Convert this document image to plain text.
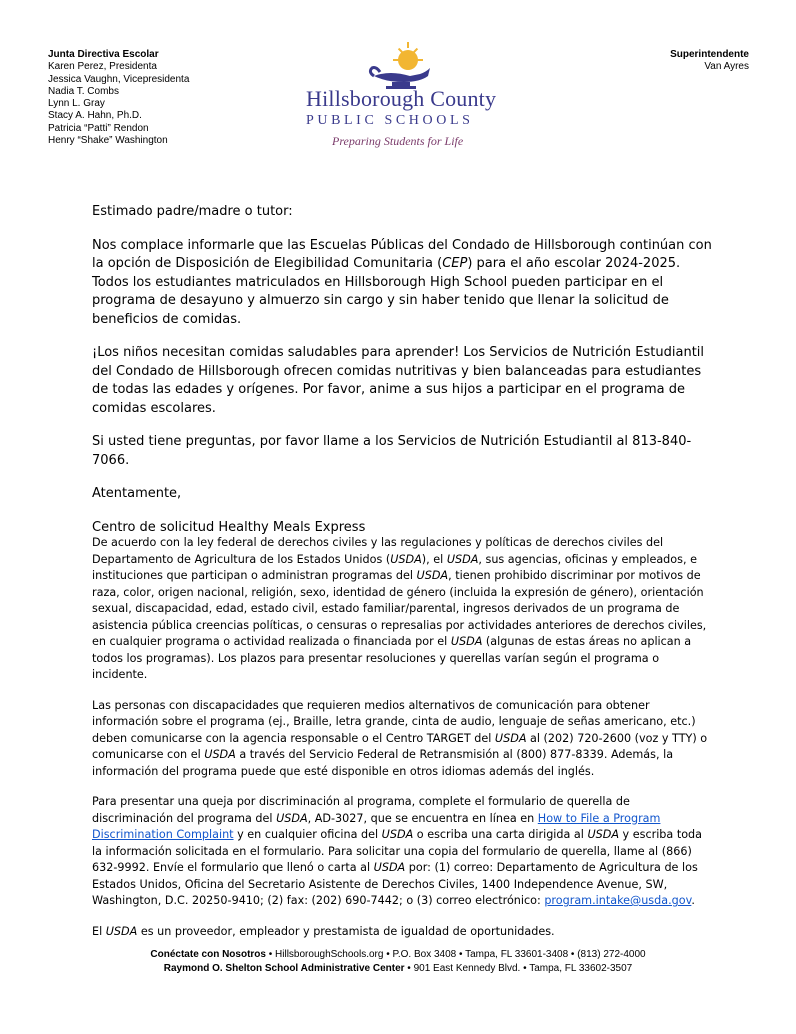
Junta Directiva Escolar
Karen Perez, Presidenta
Jessica Vaughn, Vicepresidenta
Nadia T. Combs
Lynn L. Gray
Stacy A. Hahn, Ph.D.
Patricia “Patti” Rendon
Henry “Shake” Washington
Hillsborough County
PUBLIC SCHOOLS
Preparing Students for Life
Superintendente
Van Ayres

Estimado padre/madre o tutor:

Nos complace informarle que las Escuelas Públicas del Condado de Hillsborough continúan con la opción de Disposición de Elegibilidad Comunitaria (CEP) para el año escolar 2024-2025. Todos los estudiantes matriculados en Hillsborough High School pueden participar en el programa de desayuno y almuerzo sin cargo y sin haber tenido que llenar la solicitud de beneficios de comidas.

¡Los niños necesitan comidas saludables para aprender! Los Servicios de Nutrición Estudiantil del Condado de Hillsborough ofrecen comidas nutritivas y bien balanceadas para estudiantes de todas las edades y orígenes. Por favor, anime a sus hijos a participar en el programa de comidas escolares.

Si usted tiene preguntas, por favor llame a los Servicios de Nutrición Estudiantil al 813-840-7066.

Atentamente,

Centro de solicitud Healthy Meals Express

De acuerdo con la ley federal de derechos civiles y las regulaciones y políticas de derechos civiles del Departamento de Agricultura de los Estados Unidos (USDA), el USDA, sus agencias, oficinas y empleados, e instituciones que participan o administran programas del USDA, tienen prohibido discriminar por motivos de raza, color, origen nacional, religión, sexo, identidad de género (incluida la expresión de género), orientación sexual, discapacidad, edad, estado civil, estado familiar/parental, ingresos derivados de un programa de asistencia pública creencias políticas, o censuras o represalias por actividades anteriores de derechos civiles, en cualquier programa o actividad realizada o financiada por el USDA (algunas de estas áreas no aplican a todos los programas). Los plazos para presentar resoluciones y querellas varían según el programa o incidente.

Las personas con discapacidades que requieren medios alternativos de comunicación para obtener información sobre el programa (ej., Braille, letra grande, cinta de audio, lenguaje de señas americano, etc.) deben comunicarse con la agencia responsable o el Centro TARGET del USDA al (202) 720-2600 (voz y TTY) o comunicarse con el USDA a través del Servicio Federal de Retransmisión al (800) 877-8339. Además, la información del programa puede que esté disponible en otros idiomas además del inglés.

Para presentar una queja por discriminación al programa, complete el formulario de querella de discriminación del programa del USDA, AD-3027, que se encuentra en línea en How to File a Program Discrimination Complaint y en cualquier oficina del USDA o escriba una carta dirigida al USDA y escriba toda la información solicitada en el formulario. Para solicitar una copia del formulario de querella, llame al (866) 632-9992. Envíe el formulario que llenó o carta al USDA por: (1) correo: Departamento de Agricultura de los Estados Unidos, Oficina del Secretario Asistente de Derechos Civiles, 1400 Independence Avenue, SW, Washington, D.C. 20250-9410; (2) fax: (202) 690-7442; o (3) correo electrónico: program.intake@usda.gov.

El USDA es un proveedor, empleador y prestamista de igualdad de oportunidades.

Conéctate con Nosotros • HillsboroughSchools.org • P.O. Box 3408 • Tampa, FL 33601-3408 • (813) 272-4000
Raymond O. Shelton School Administrative Center • 901 East Kennedy Blvd. • Tampa, FL 33602-3507
